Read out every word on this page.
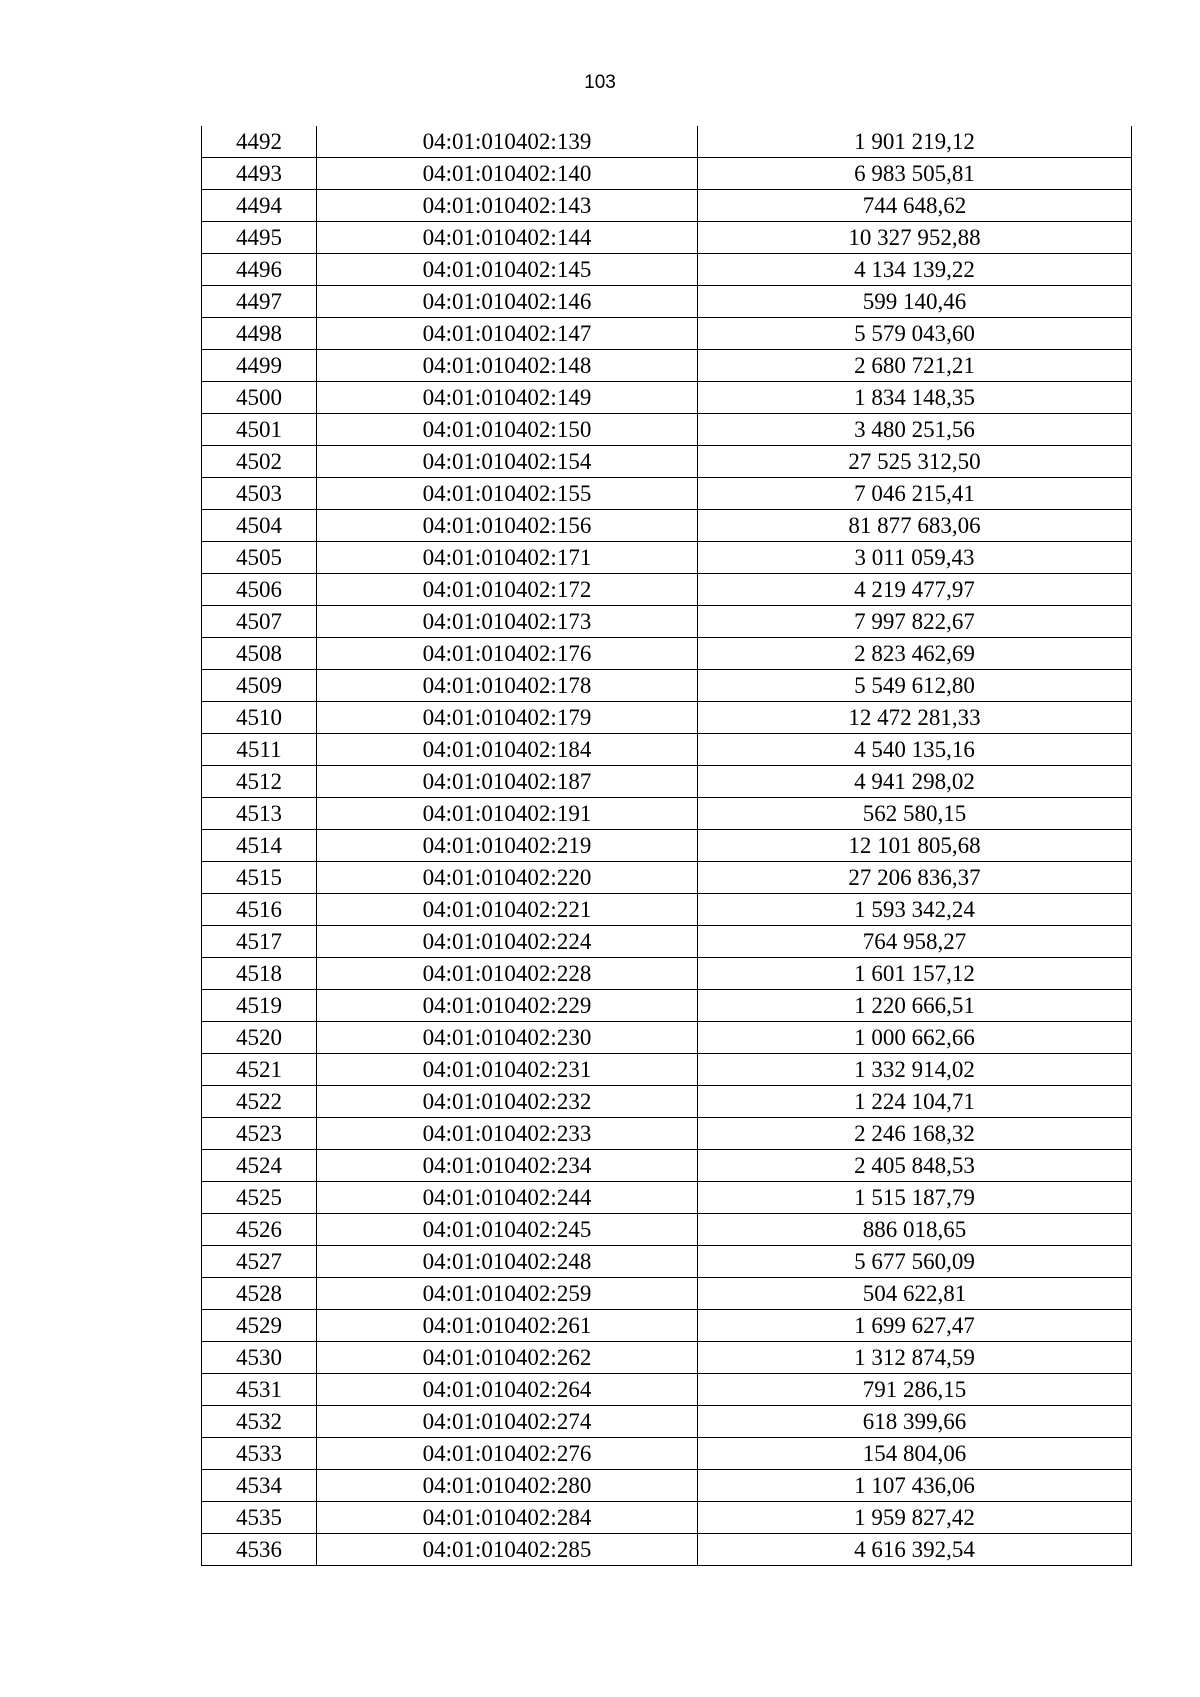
103
4492	04:01:010402:139	1 901 219,12
4493	04:01:010402:140	6 983 505,81
4494	04:01:010402:143	744 648,62
4495	04:01:010402:144	10 327 952,88
4496	04:01:010402:145	4 134 139,22
4497	04:01:010402:146	599 140,46
4498	04:01:010402:147	5 579 043,60
4499	04:01:010402:148	2 680 721,21
4500	04:01:010402:149	1 834 148,35
4501	04:01:010402:150	3 480 251,56
4502	04:01:010402:154	27 525 312,50
4503	04:01:010402:155	7 046 215,41
4504	04:01:010402:156	81 877 683,06
4505	04:01:010402:171	3 011 059,43
4506	04:01:010402:172	4 219 477,97
4507	04:01:010402:173	7 997 822,67
4508	04:01:010402:176	2 823 462,69
4509	04:01:010402:178	5 549 612,80
4510	04:01:010402:179	12 472 281,33
4511	04:01:010402:184	4 540 135,16
4512	04:01:010402:187	4 941 298,02
4513	04:01:010402:191	562 580,15
4514	04:01:010402:219	12 101 805,68
4515	04:01:010402:220	27 206 836,37
4516	04:01:010402:221	1 593 342,24
4517	04:01:010402:224	764 958,27
4518	04:01:010402:228	1 601 157,12
4519	04:01:010402:229	1 220 666,51
4520	04:01:010402:230	1 000 662,66
4521	04:01:010402:231	1 332 914,02
4522	04:01:010402:232	1 224 104,71
4523	04:01:010402:233	2 246 168,32
4524	04:01:010402:234	2 405 848,53
4525	04:01:010402:244	1 515 187,79
4526	04:01:010402:245	886 018,65
4527	04:01:010402:248	5 677 560,09
4528	04:01:010402:259	504 622,81
4529	04:01:010402:261	1 699 627,47
4530	04:01:010402:262	1 312 874,59
4531	04:01:010402:264	791 286,15
4532	04:01:010402:274	618 399,66
4533	04:01:010402:276	154 804,06
4534	04:01:010402:280	1 107 436,06
4535	04:01:010402:284	1 959 827,42
4536	04:01:010402:285	4 616 392,54
